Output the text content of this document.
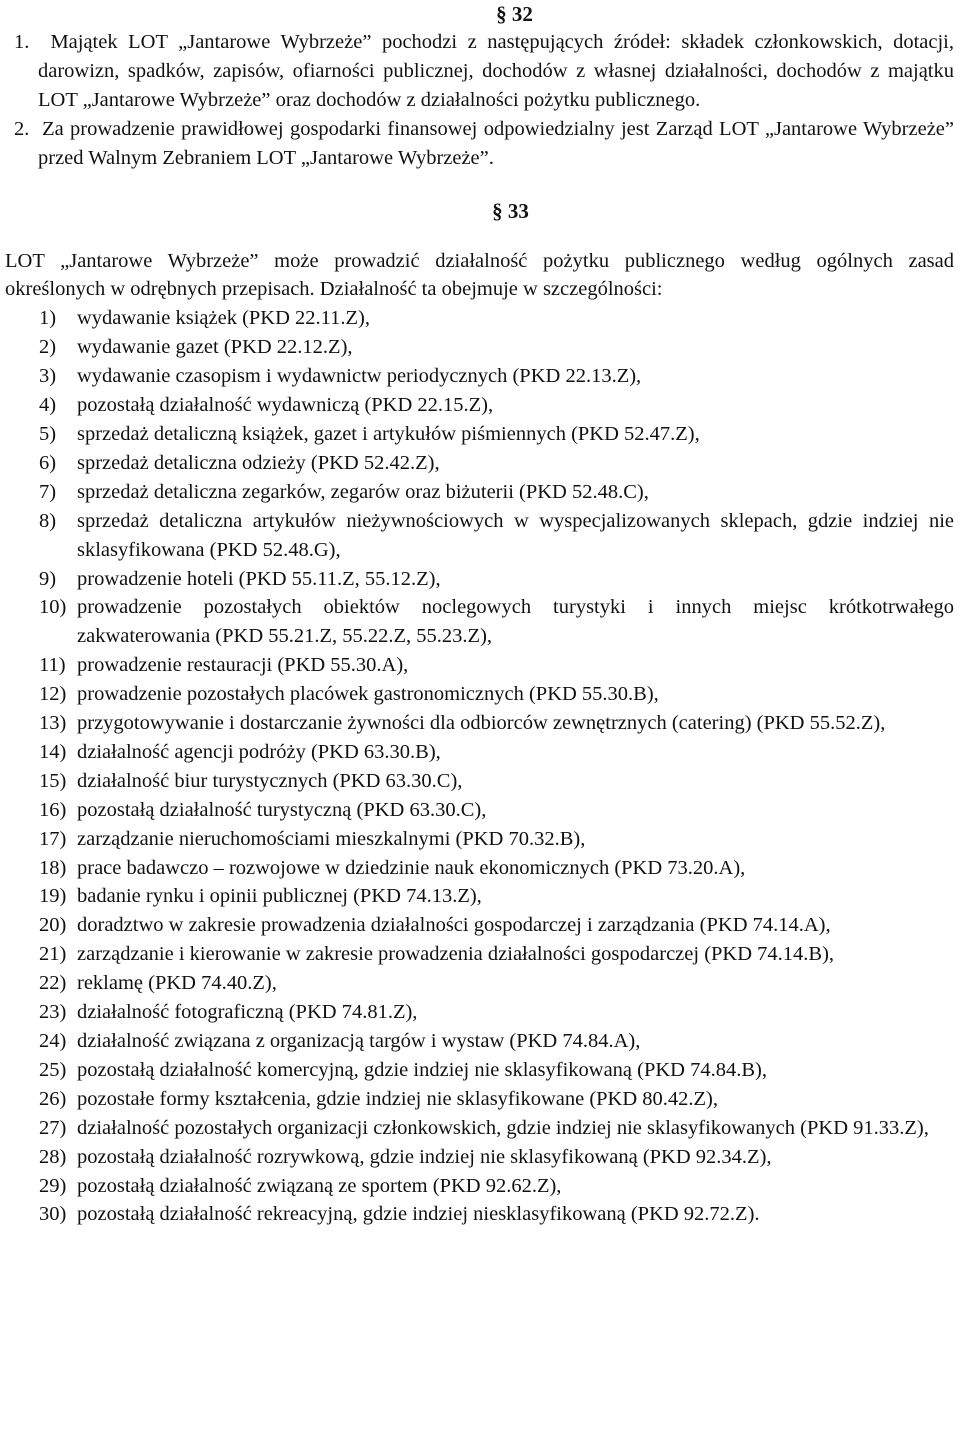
§ 32
1. Majątek LOT „Jantarowe Wybrzeże” pochodzi z następujących źródeł: składek członkowskich, dotacji, darowizn, spadków, zapisów, ofiarności publicznej, dochodów z własnej działalności, dochodów z majątku LOT „Jantarowe Wybrzeże” oraz dochodów z działalności pożytku publicznego.
2. Za prowadzenie prawidłowej gospodarki finansowej odpowiedzialny jest Zarząd LOT „Jantarowe Wybrzeże” przed Walnym Zebraniem LOT „Jantarowe Wybrzeże”.
§ 33
LOT „Jantarowe Wybrzeże” może prowadzić działalność pożytku publicznego według ogólnych zasad określonych w odrębnych przepisach. Działalność ta obejmuje w szczególności:
1)	wydawanie książek (PKD 22.11.Z),
2)	wydawanie gazet (PKD 22.12.Z),
3)	wydawanie czasopism i wydawnictw periodycznych (PKD 22.13.Z),
4)	pozostałą działalność wydawniczą (PKD 22.15.Z),
5)	sprzedaż detaliczną książek, gazet i artykułów piśmiennych (PKD 52.47.Z),
6)	sprzedaż detaliczna odzieży (PKD 52.42.Z),
7)	sprzedaż detaliczna zegarków, zegarów oraz biżuterii (PKD 52.48.C),
8)	sprzedaż detaliczna artykułów nieżywnościowych w wyspecjalizowanych sklepach, gdzie indziej nie sklasyfikowana (PKD 52.48.G),
9)	prowadzenie hoteli (PKD 55.11.Z, 55.12.Z),
10) prowadzenie pozostałych obiektów noclegowych turystyki i innych miejsc krótkotrwałego zakwaterowania (PKD 55.21.Z, 55.22.Z, 55.23.Z),
11) prowadzenie restauracji (PKD 55.30.A),
12) prowadzenie pozostałych placówek gastronomicznych (PKD 55.30.B),
13) przygotowywanie i dostarczanie żywności dla odbiorców zewnętrznych (catering) (PKD 55.52.Z),
14) działalność agencji podróży (PKD 63.30.B),
15) działalność biur turystycznych (PKD 63.30.C),
16) pozostałą działalność turystyczną (PKD 63.30.C),
17) zarządzanie nieruchomościami mieszkalnymi (PKD 70.32.B),
18) prace badawczo – rozwojowe w dziedzinie nauk ekonomicznych (PKD 73.20.A),
19) badanie rynku i opinii publicznej (PKD 74.13.Z),
20) doradztwo w zakresie prowadzenia działalności gospodarczej i zarządzania (PKD 74.14.A),
21) zarządzanie i kierowanie w zakresie prowadzenia działalności gospodarczej (PKD 74.14.B),
22) reklamę (PKD 74.40.Z),
23) działalność fotograficzną (PKD 74.81.Z),
24) działalność związana z organizacją targów i wystaw (PKD 74.84.A),
25) pozostałą działalność komercyjną, gdzie indziej nie sklasyfikowaną (PKD 74.84.B),
26) pozostałe formy kształcenia, gdzie indziej nie sklasyfikowane (PKD 80.42.Z),
27) działalność pozostałych organizacji członkowskich, gdzie indziej nie sklasyfikowanych (PKD 91.33.Z),
28) pozostałą działalność rozrywkową, gdzie indziej nie sklasyfikowaną (PKD 92.34.Z),
29) pozostałą działalność związaną ze sportem (PKD 92.62.Z),
30) pozostałą działalność rekreacyjną, gdzie indziej niesklasyfikowaną (PKD 92.72.Z).
